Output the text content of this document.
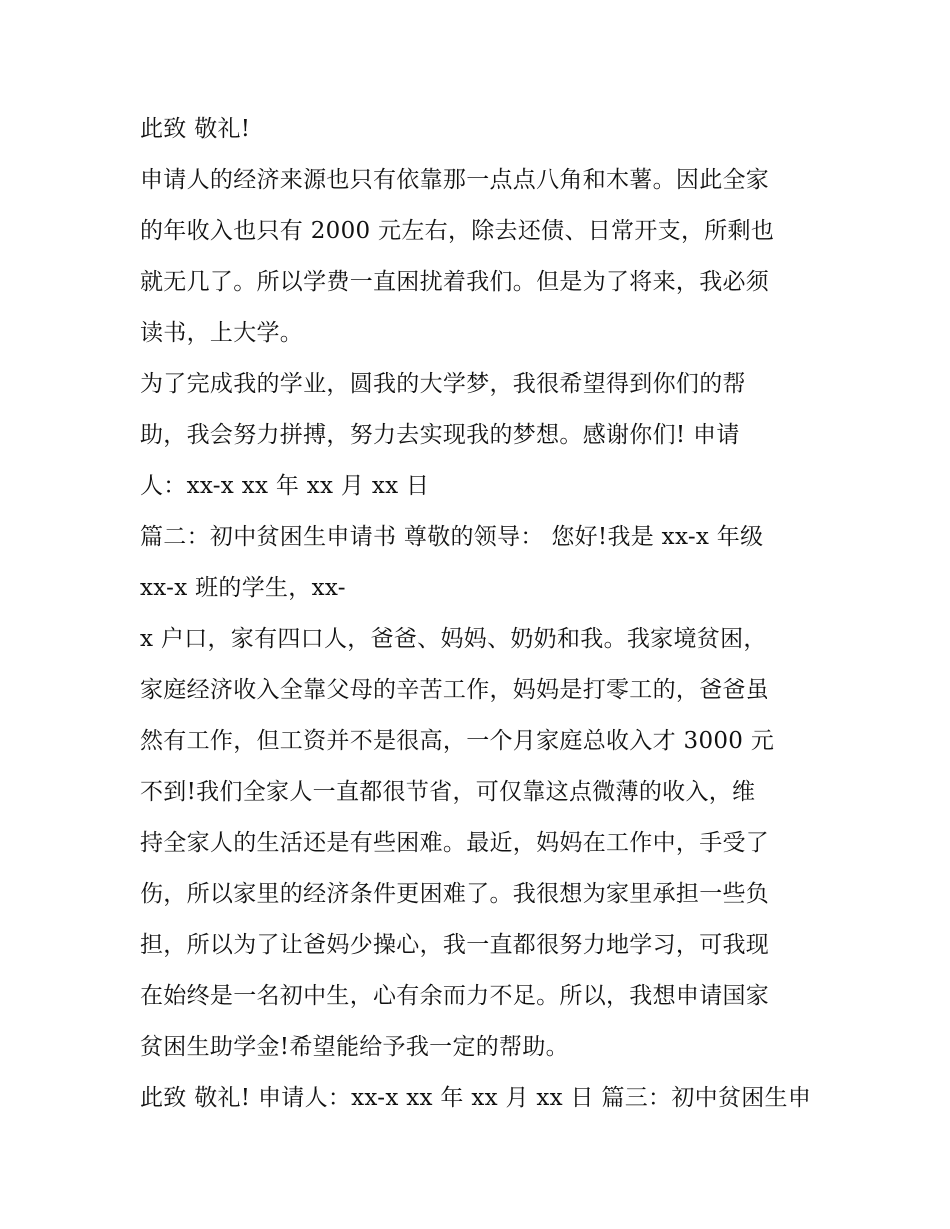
此致 敬礼!
申请人的经济来源也只有依靠那一点点八角和木薯。因此全家
的年收入也只有 2000 元左右，除去还债、日常开支，所剩也
就无几了。所以学费一直困扰着我们。但是为了将来，我必须
读书，上大学。
为了完成我的学业，圆我的大学梦，我很希望得到你们的帮
助，我会努力拼搏，努力去实现我的梦想。感谢你们! 申请
人：xx-x xx 年 xx 月 xx 日
篇二：初中贫困生申请书 尊敬的领导： 您好!我是 xx-x 年级
xx-x 班的学生，xx-
x 户口，家有四口人，爸爸、妈妈、奶奶和我。我家境贫困，
家庭经济收入全靠父母的辛苦工作，妈妈是打零工的，爸爸虽
然有工作，但工资并不是很高，一个月家庭总收入才 3000 元
不到!我们全家人一直都很节省，可仅靠这点微薄的收入，维
持全家人的生活还是有些困难。最近，妈妈在工作中，手受了
伤，所以家里的经济条件更困难了。我很想为家里承担一些负
担，所以为了让爸妈少操心，我一直都很努力地学习，可我现
在始终是一名初中生，心有余而力不足。所以，我想申请国家
贫困生助学金!希望能给予我一定的帮助。
此致 敬礼! 申请人：xx-x xx 年 xx 月 xx 日 篇三：初中贫困生申
